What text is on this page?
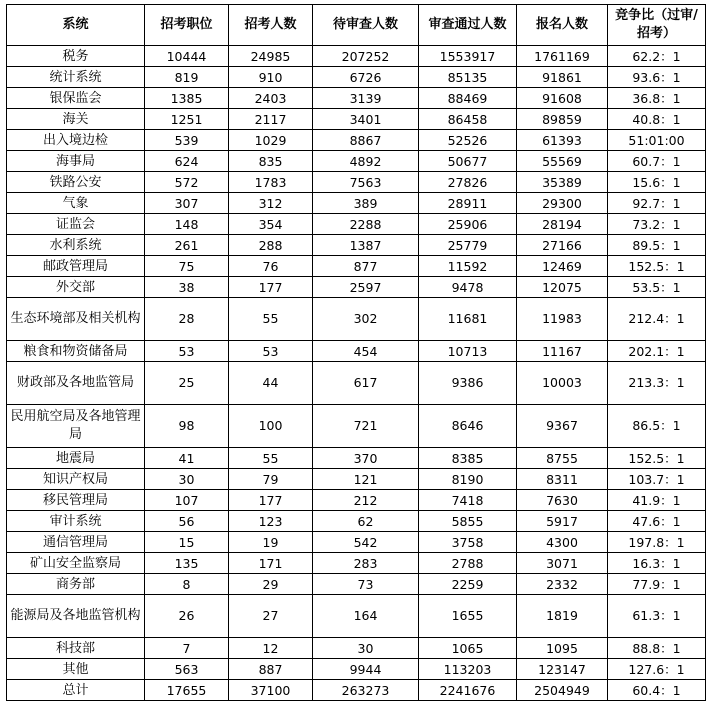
系统	招考职位	招考人数	待审查人数	审查通过人数	报名人数	竞争比（过审/招考）
税务	10444	24985	207252	1553917	1761169	62.2：1
统计系统	819	910	6726	85135	91861	93.6：1
银保监会	1385	2403	3139	88469	91608	36.8：1
海关	1251	2117	3401	86458	89859	40.8：1
出入境边检	539	1029	8867	52526	61393	51:01:00
海事局	624	835	4892	50677	55569	60.7：1
铁路公安	572	1783	7563	27826	35389	15.6：1
气象	307	312	389	28911	29300	92.7：1
证监会	148	354	2288	25906	28194	73.2：1
水利系统	261	288	1387	25779	27166	89.5：1
邮政管理局	75	76	877	11592	12469	152.5：1
外交部	38	177	2597	9478	12075	53.5：1
生态环境部及相关机构	28	55	302	11681	11983	212.4：1
粮食和物资储备局	53	53	454	10713	11167	202.1：1
财政部及各地监管局	25	44	617	9386	10003	213.3：1
民用航空局及各地管理局	98	100	721	8646	9367	86.5：1
地震局	41	55	370	8385	8755	152.5：1
知识产权局	30	79	121	8190	8311	103.7：1
移民管理局	107	177	212	7418	7630	41.9：1
审计系统	56	123	62	5855	5917	47.6：1
通信管理局	15	19	542	3758	4300	197.8：1
矿山安全监察局	135	171	283	2788	3071	16.3：1
商务部	8	29	73	2259	2332	77.9：1
能源局及各地监管机构	26	27	164	1655	1819	61.3：1
科技部	7	12	30	1065	1095	88.8：1
其他	563	887	9944	113203	123147	127.6：1
总计	17655	37100	263273	2241676	2504949	60.4：1
